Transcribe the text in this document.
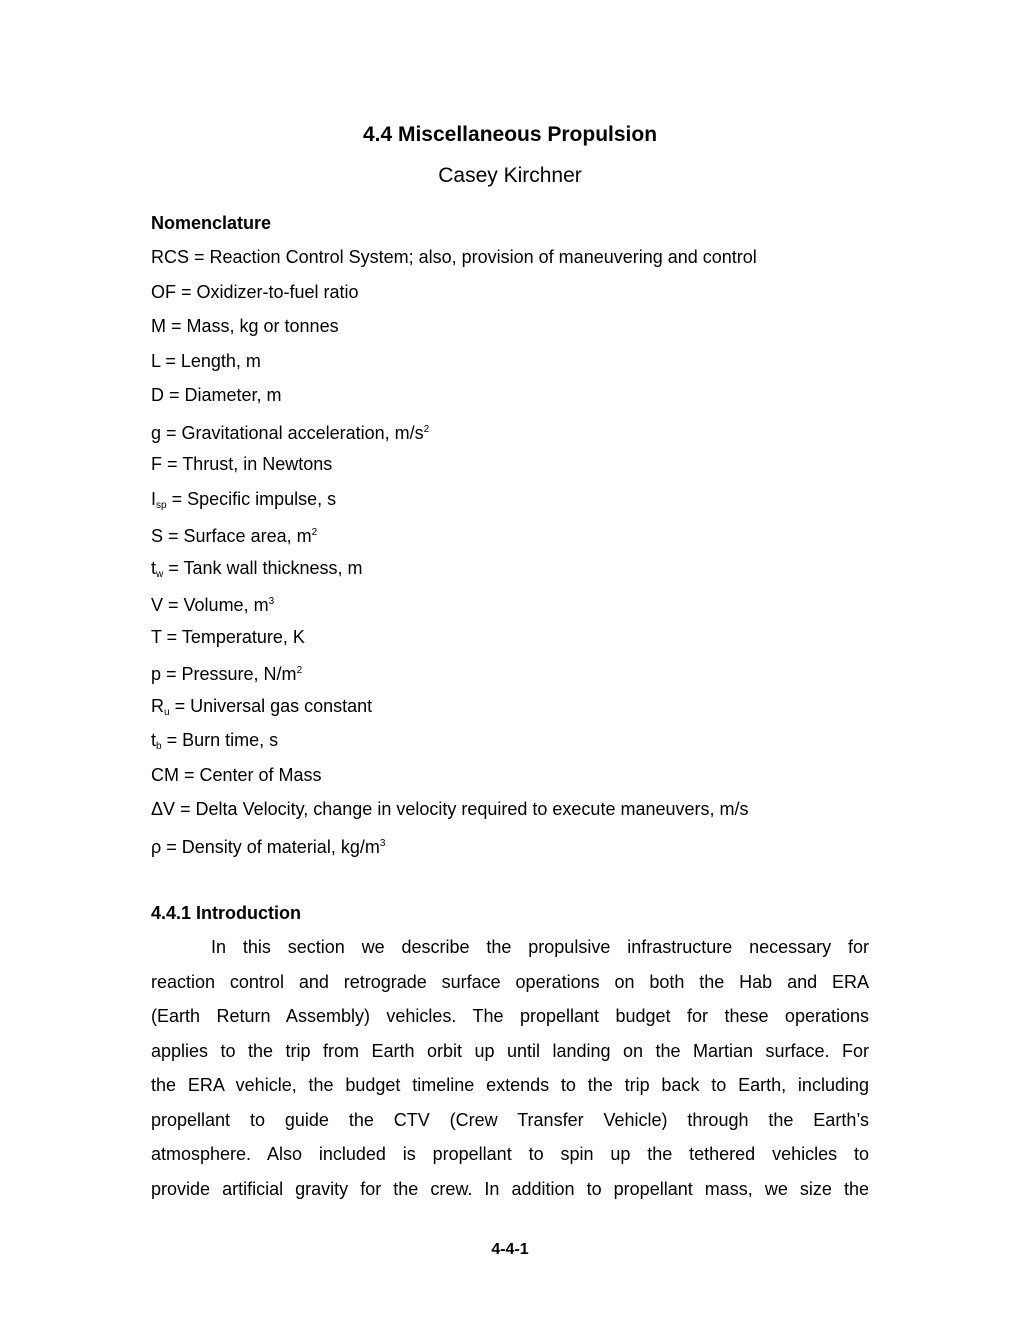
4.4 Miscellaneous Propulsion
Casey Kirchner
Nomenclature
RCS = Reaction Control System; also, provision of maneuvering and control
OF = Oxidizer-to-fuel ratio
M = Mass, kg or tonnes
L = Length, m
D = Diameter, m
g = Gravitational acceleration, $m/s^2$
F = Thrust, in Newtons
$I_{sp}$ = Specific impulse, s
S = Surface area, $m^2$
$t_w$ = Tank wall thickness, m
V = Volume, $m^3$
T = Temperature, K
p = Pressure, $N/m^2$
$R_u$ = Universal gas constant
$t_b$ = Burn time, s
CM = Center of Mass
ΔV = Delta Velocity, change in velocity required to execute maneuvers, m/s
ρ = Density of material, $kg/m^3$
4.4.1 Introduction
In this section we describe the propulsive infrastructure necessary for
reaction control and retrograde surface operations on both the Hab and ERA
(Earth Return Assembly) vehicles. The propellant budget for these operations
applies to the trip from Earth orbit up until landing on the Martian surface. For
the ERA vehicle, the budget timeline extends to the trip back to Earth, including
propellant to guide the CTV (Crew Transfer Vehicle) through the Earth’s
atmosphere. Also included is propellant to spin up the tethered vehicles to
provide artificial gravity for the crew. In addition to propellant mass, we size the
4-4-1
